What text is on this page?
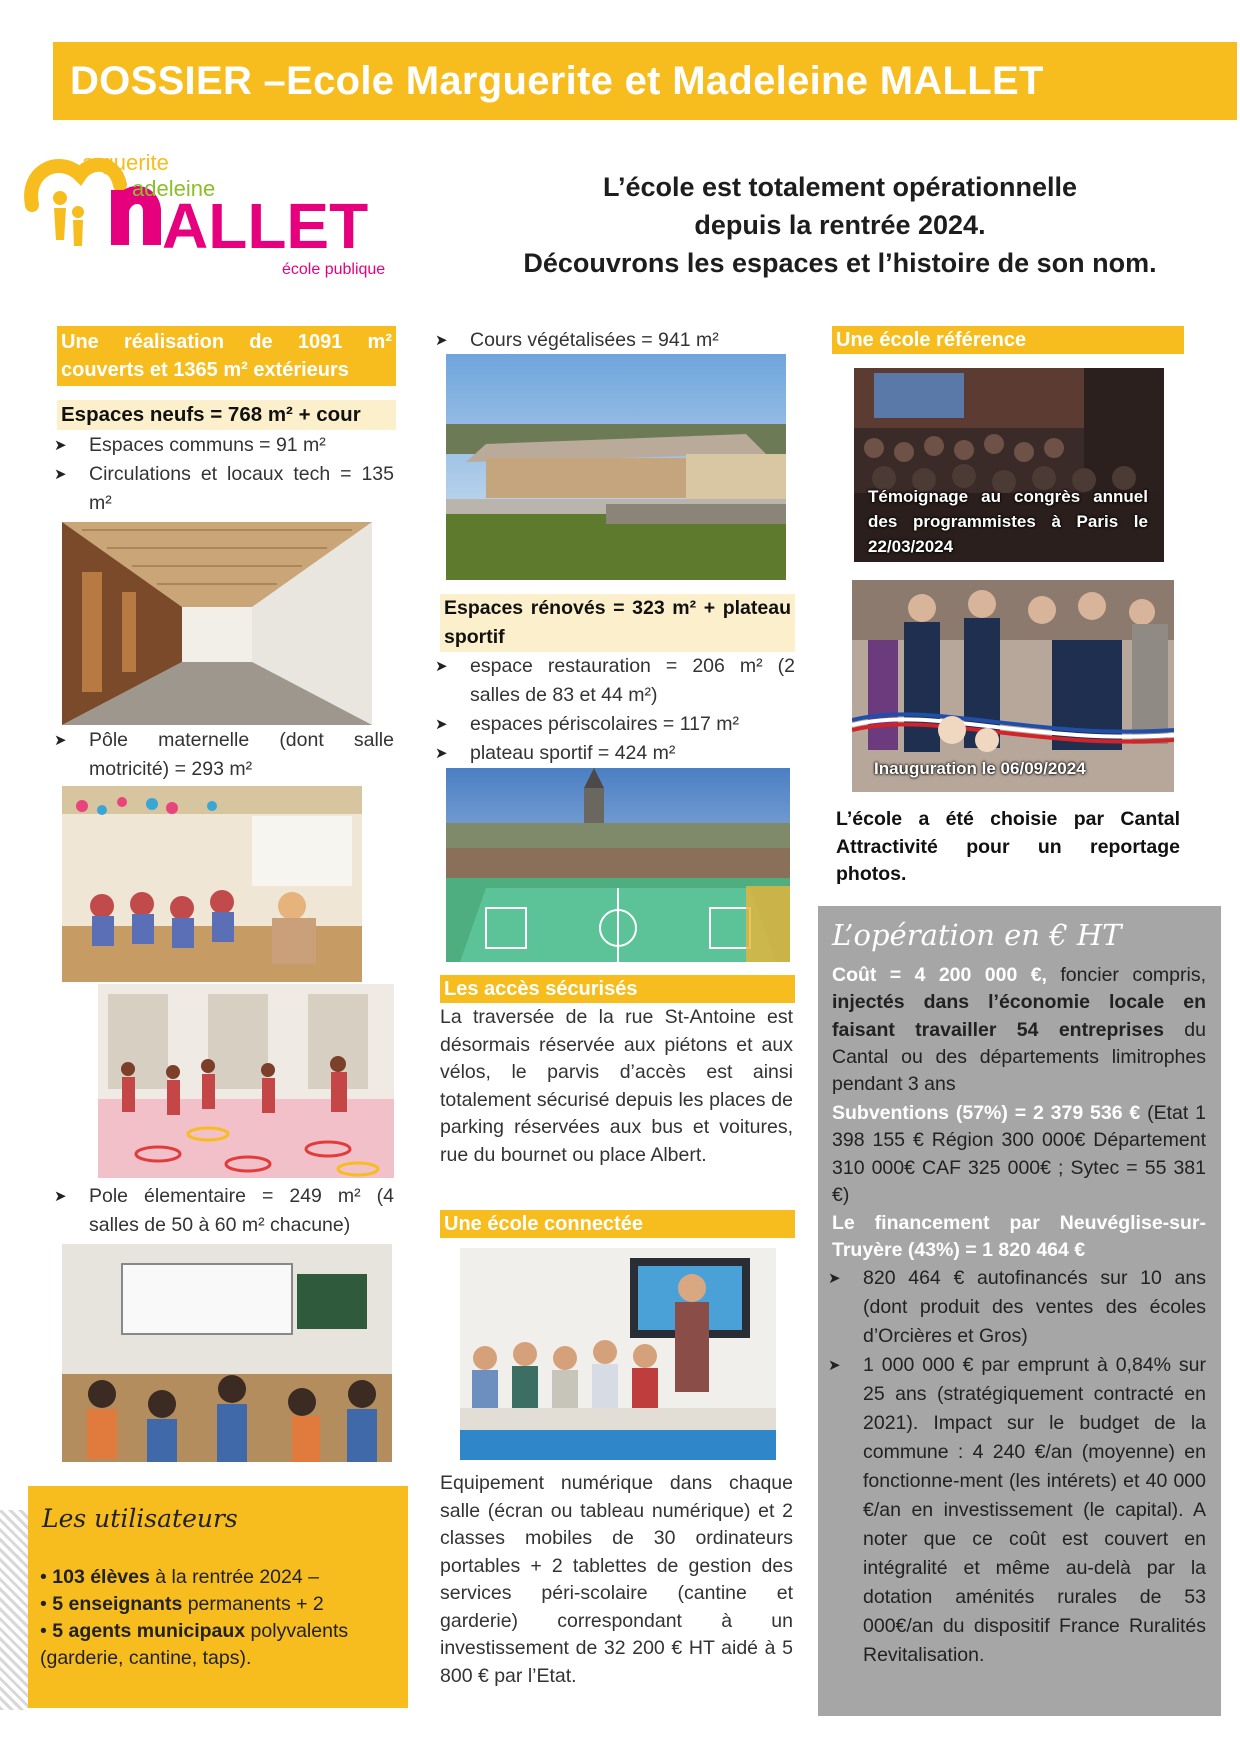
DOSSIER –Ecole Marguerite et Madeleine MALLET
arguerite
adeleine
ALLET
école publique
L’école est totalement opérationnelle
depuis la rentrée 2024.
Découvrons les espaces et l’histoire de son nom.
Une réalisation de 1091 m² couverts et 1365 m² extérieurs
Espaces neufs = 768 m² + cour
➤ Espaces communs = 91 m²
➤ Circulations et locaux tech = 135 m²
➤ Pôle maternelle (dont salle motricité) = 293 m²
➤ Pole élementaire = 249 m² (4 salles de 50 à 60 m² chacune)
Les utilisateurs
• 103 élèves à la rentrée 2024 –
• 5 enseignants permanents + 2
• 5 agents municipaux polyvalents (garderie, cantine, taps).
➤ Cours végétalisées = 941 m²
Espaces rénovés = 323 m² + plateau sportif
➤ espace restauration = 206 m² (2 salles de 83 et 44 m²)
➤ espaces périscolaires = 117 m²
➤ plateau sportif = 424 m²
Les accès sécurisés
La traversée de la rue St-Antoine est désormais réservée aux piétons et aux vélos, le parvis d’accès est ainsi totalement sécurisé depuis les places de parking réservées aux bus et voitures, rue du bournet ou place Albert.
Une école connectée
Equipement numérique dans chaque salle (écran ou tableau numérique) et 2 classes mobiles de 30 ordinateurs portables + 2 tablettes de gestion des services péri-scolaire (cantine et garderie) correspondant à un investissement de 32 200 € HT aidé à 5 800 € par l’Etat.
Une école référence
Témoignage au congrès annuel des programmistes à Paris le 22/03/2024
Inauguration le 06/09/2024
L’école a été choisie par Cantal Attractivité pour un reportage photos.
L’opération en € HT
Coût = 4 200 000 €, foncier compris, injectés dans l’économie locale en faisant travailler 54 entreprises du Cantal ou des départements limitrophes pendant 3 ans
Subventions (57%) = 2 379 536 € (Etat 1 398 155 € Région 300 000€ Département 310 000€ CAF 325 000€ ; Sytec = 55 381 €)
Le financement par Neuvéglise-sur-Truyère (43%) = 1 820 464 €
➤ 820 464 € autofinancés sur 10 ans (dont produit des ventes des écoles d’Orcières et Gros)
➤ 1 000 000 € par emprunt à 0,84% sur 25 ans (stratégiquement contracté en 2021). Impact sur le budget de la commune : 4 240 €/an (moyenne) en fonctionne-ment (les intérets) et 40 000 €/an en investissement (le capital). A noter que ce coût est couvert en intégralité et même au-delà par la dotation aménités rurales de 53 000€/an du dispositif France Ruralités Revitalisation.
